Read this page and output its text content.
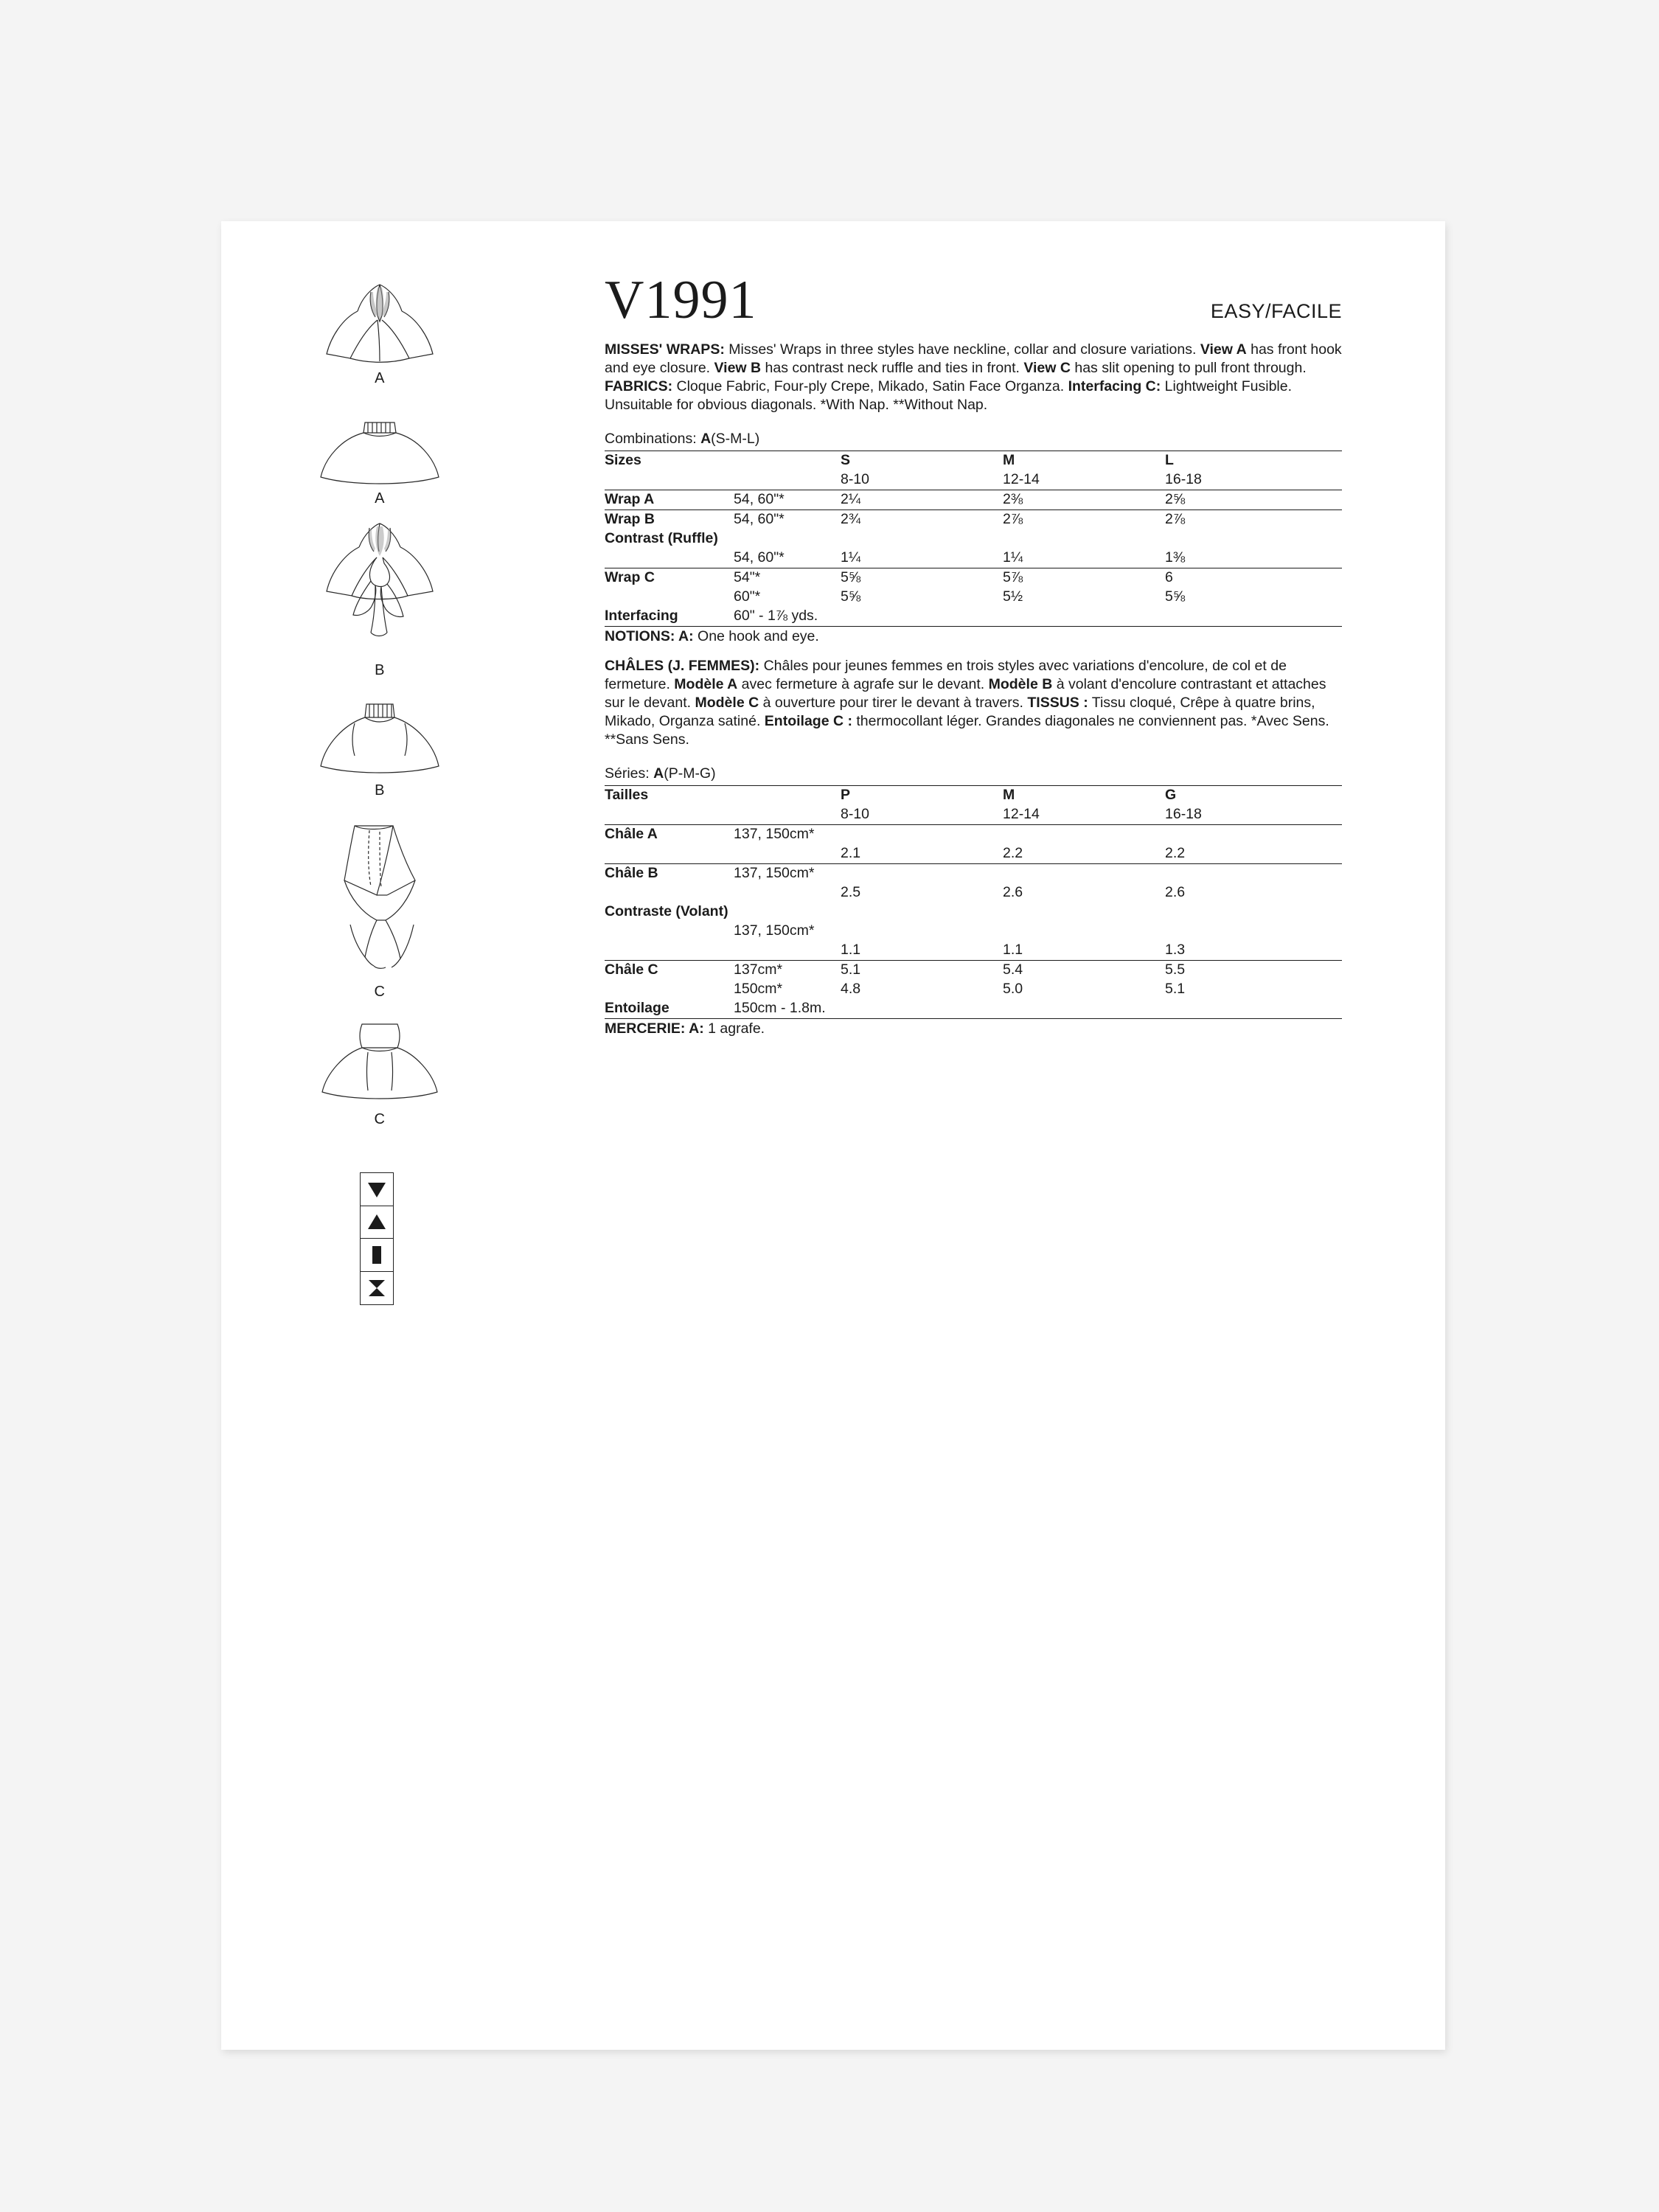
A
A
B
B
C
C
V1991	EASY/FACILE
MISSES' WRAPS: Misses' Wraps in three styles have neckline, collar and closure variations. View A has front hook and eye closure. View B has contrast neck ruffle and ties in front. View C has slit opening to pull front through. FABRICS: Cloque Fabric, Four-ply Crepe, Mikado, Satin Face Organza. Interfacing C: Lightweight Fusible. Unsuitable for obvious diagonals. *With Nap. **Without Nap.
Combinations: A(S-M-L)
Sizes		S	M	L
		8-10	12-14	16-18
Wrap A	54, 60"*	2¼	2⅜	2⅝
Wrap B	54, 60"*	2¾	2⅞	2⅞
Contrast (Ruffle)				
	54, 60"*	1¼	1¼	1⅜
Wrap C	54"*	5⅝	5⅞	6
	60"*	5⅝	5½	5⅝
Interfacing	60" - 1⅞ yds.			
NOTIONS: A: One hook and eye.
CHÂLES (J. FEMMES): Châles pour jeunes femmes en trois styles avec variations d'encolure, de col et de fermeture. Modèle A avec fermeture à agrafe sur le devant. Modèle B à volant d'encolure contrastant et attaches sur le devant. Modèle C à ouverture pour tirer le devant à travers. TISSUS : Tissu cloqué, Crêpe à quatre brins, Mikado, Organza satiné. Entoilage C : thermocollant léger. Grandes diagonales ne conviennent pas. *Avec Sens. **Sans Sens.
Séries: A(P-M-G)
Tailles		P	M	G
		8-10	12-14	16-18
Châle A	137, 150cm*			
		2.1	2.2	2.2
Châle B	137, 150cm*			
		2.5	2.6	2.6
Contraste (Volant)				
	137, 150cm*			
		1.1	1.1	1.3
Châle C	137cm*	5.1	5.4	5.5
	150cm*	4.8	5.0	5.1
Entoilage	150cm - 1.8m.			
MERCERIE: A: 1 agrafe.
